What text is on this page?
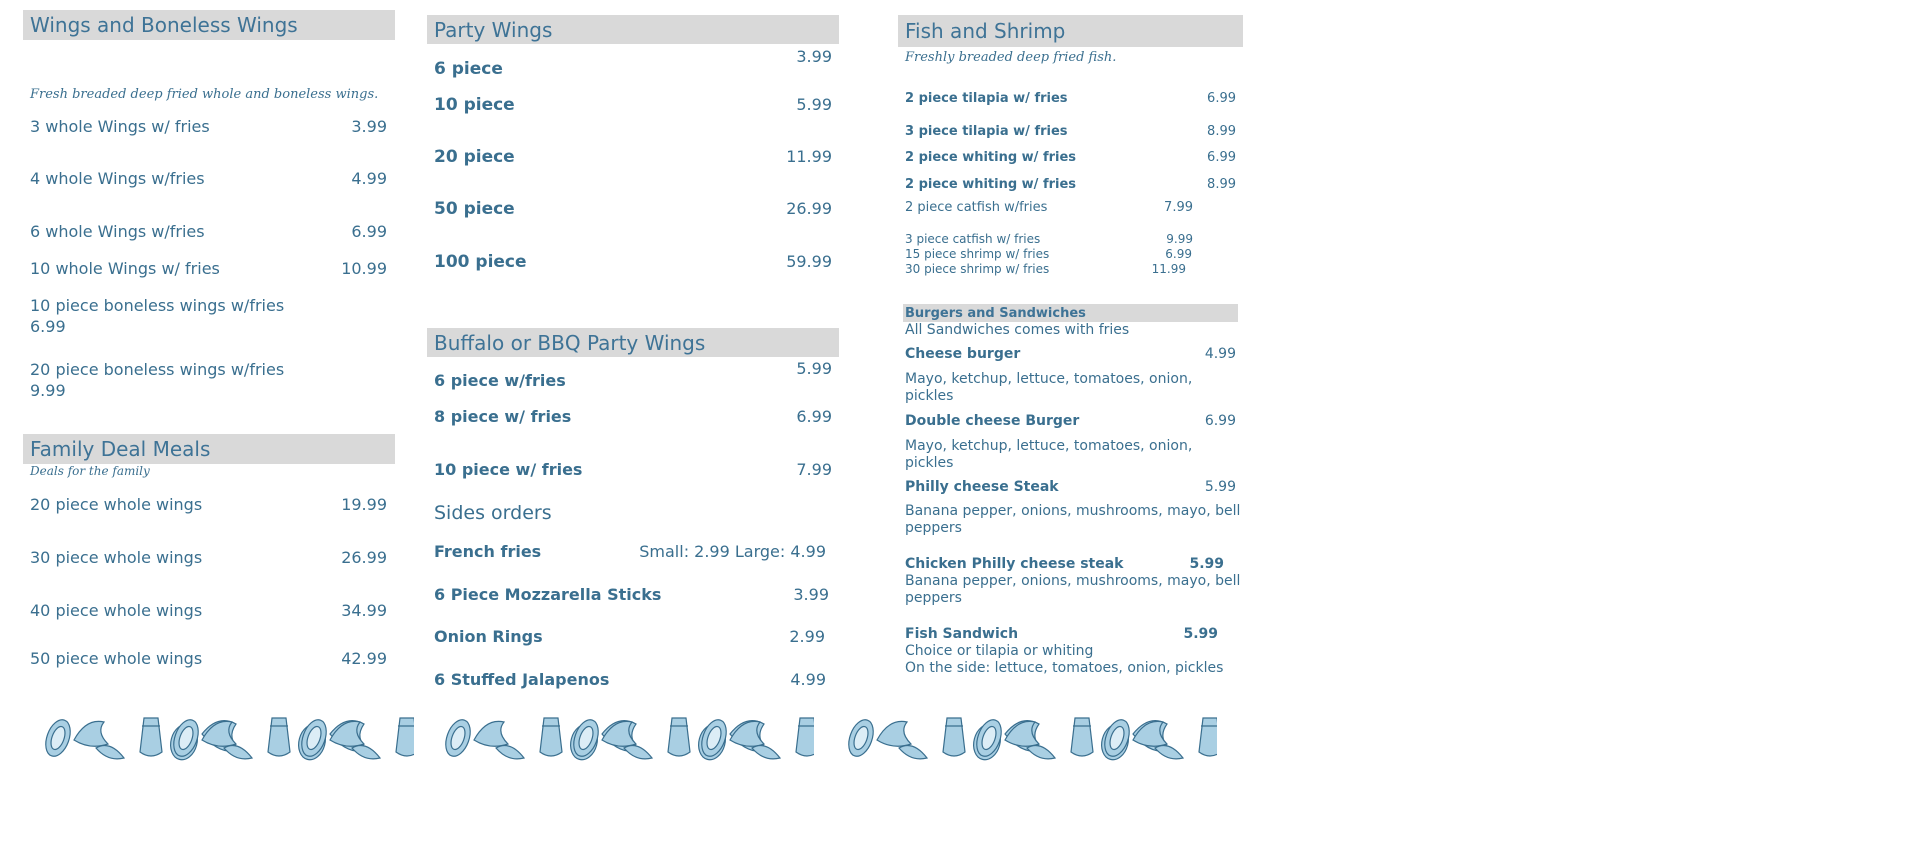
Wings and Boneless Wings
Fresh breaded deep fried whole and boneless wings.
3 whole Wings w/ fries	3.99
4 whole Wings w/fries	4.99
6 whole Wings w/fries	6.99
10 whole Wings w/ fries	10.99
10 piece boneless wings w/fries
6.99
20 piece boneless wings w/fries
9.99
Family Deal Meals
Deals for the family
20 piece whole wings	19.99
30 piece whole wings	26.99
40 piece whole wings	34.99
50 piece whole wings	42.99
Party Wings
6 piece
3.99
10 piece	5.99
20 piece	11.99
50 piece	26.99
100 piece	59.99
Buffalo or BBQ Party Wings
6 piece w/fries
5.99
8 piece w/ fries	6.99
10 piece w/ fries	7.99
Sides orders
French fries	Small: 2.99 Large: 4.99
6 Piece Mozzarella Sticks	3.99
Onion Rings	2.99
6 Stuffed Jalapenos	4.99
Fish and Shrimp
Freshly breaded deep fried fish.
2 piece tilapia w/ fries	6.99
3 piece tilapia w/ fries	8.99
2 piece whiting w/ fries	6.99
2 piece whiting w/ fries	8.99
2 piece catfish w/fries	7.99
3 piece catfish w/ fries	9.99
15 piece shrimp w/ fries	6.99
30 piece shrimp w/ fries	11.99
Burgers and Sandwiches
All Sandwiches comes with fries
Cheese burger	4.99
Mayo, ketchup, lettuce, tomatoes, onion,
pickles
Double cheese Burger	6.99
Mayo, ketchup, lettuce, tomatoes, onion,
pickles
Philly cheese Steak	5.99
Banana pepper, onions, mushrooms, mayo, bell
peppers
Chicken Philly cheese steak	5.99
Banana pepper, onions, mushrooms, mayo, bell
peppers
Fish Sandwich	5.99
Choice or tilapia or whiting
On the side: lettuce, tomatoes, onion, pickles
